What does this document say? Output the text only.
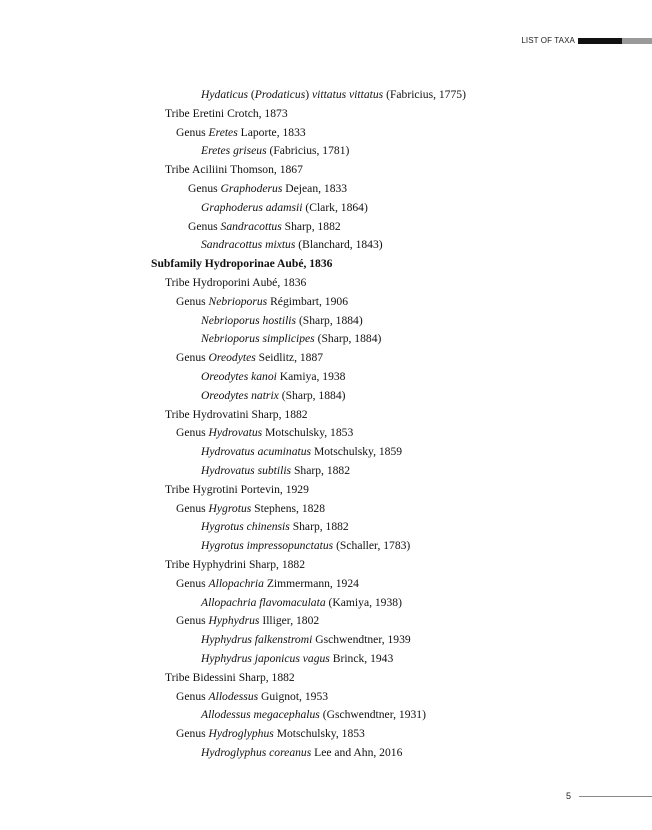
LIST OF TAXA
Hydaticus (Prodaticus) vittatus vittatus (Fabricius, 1775)
Tribe Eretini Crotch, 1873
Genus Eretes Laporte, 1833
Eretes griseus (Fabricius, 1781)
Tribe Aciliini Thomson, 1867
Genus Graphoderus Dejean, 1833
Graphoderus adamsii (Clark, 1864)
Genus Sandracottus Sharp, 1882
Sandracottus mixtus (Blanchard, 1843)
Subfamily Hydroporinae Aubé, 1836
Tribe Hydroporini Aubé, 1836
Genus Nebrioporus Régimbart, 1906
Nebrioporus hostilis (Sharp, 1884)
Nebrioporus simplicipes (Sharp, 1884)
Genus Oreodytes Seidlitz, 1887
Oreodytes kanoi Kamiya, 1938
Oreodytes natrix (Sharp, 1884)
Tribe Hydrovatini Sharp, 1882
Genus Hydrovatus Motschulsky, 1853
Hydrovatus acuminatus Motschulsky, 1859
Hydrovatus subtilis Sharp, 1882
Tribe Hygrotini Portevin, 1929
Genus Hygrotus Stephens, 1828
Hygrotus chinensis Sharp, 1882
Hygrotus impressopunctatus (Schaller, 1783)
Tribe Hyphydrini Sharp, 1882
Genus Allopachria Zimmermann, 1924
Allopachria flavomaculata (Kamiya, 1938)
Genus Hyphydrus Illiger, 1802
Hyphydrus falkenstromi Gschwendtner, 1939
Hyphydrus japonicus vagus Brinck, 1943
Tribe Bidessini Sharp, 1882
Genus Allodessus Guignot, 1953
Allodessus megacephalus (Gschwendtner, 1931)
Genus Hydroglyphus Motschulsky, 1853
Hydroglyphus coreanus Lee and Ahn, 2016
5
